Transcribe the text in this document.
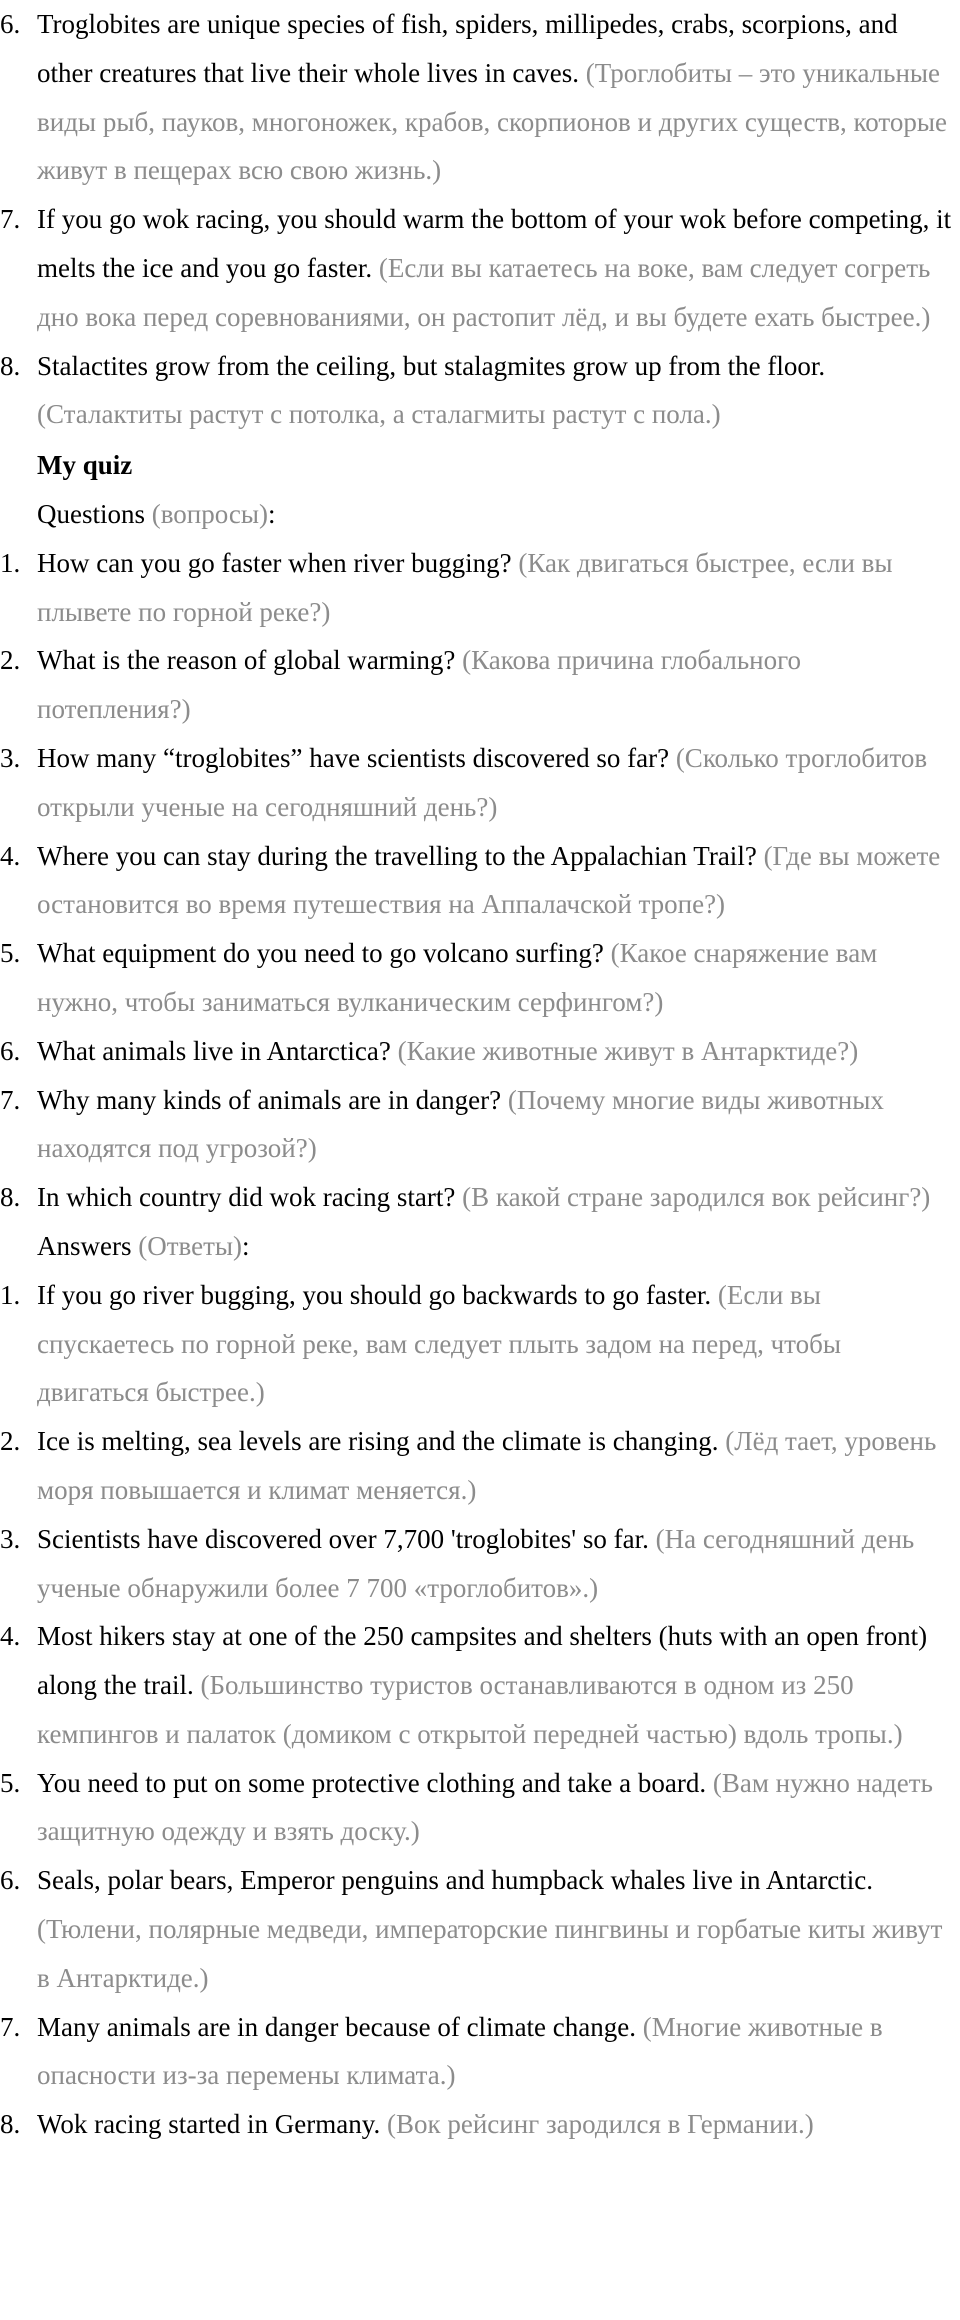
6. Troglobites are unique species of fish, spiders, millipedes, crabs, scorpions, and other creatures that live their whole lives in caves. (Троглобиты – это уникальные виды рыб, пауков, многоножек, крабов, скорпионов и других существ, которые живут в пещерах всю свою жизнь.)
7. If you go wok racing, you should warm the bottom of your wok before competing, it melts the ice and you go faster. (Если вы катаетесь на воке, вам следует согреть дно вока перед соревнованиями, он растопит лёд, и вы будете ехать быстрее.)
8. Stalactites grow from the ceiling, but stalagmites grow up from the floor.
(Сталактиты растут с потолка, а сталагмиты растут с пола.)
My quiz
Questions (вопросы):
1. How can you go faster when river bugging? (Как двигаться быстрее, если вы плывете по горной реке?)
2. What is the reason of global warming? (Какова причина глобального потепления?)
3. How many “troglobites” have scientists discovered so far? (Сколько троглобитов открыли ученые на сегодняшний день?)
4. Where you can stay during the travelling to the Appalachian Trail? (Где вы можете остановится во время путешествия на Аппалачской тропе?)
5. What equipment do you need to go volcano surfing? (Какое снаряжение вам нужно, чтобы заниматься вулканическим серфингом?)
6. What animals live in Antarctica? (Какие животные живут в Антарктиде?)
7. Why many kinds of animals are in danger? (Почему многие виды животных находятся под угрозой?)
8. In which country did wok racing start? (В какой стране зародился вок рейсинг?)
Answers (Ответы):
1. If you go river bugging, you should go backwards to go faster. (Если вы спускаетесь по горной реке, вам следует плыть задом на перед, чтобы двигаться быстрее.)
2. Ice is melting, sea levels are rising and the climate is changing. (Лёд тает, уровень моря повышается и климат меняется.)
3. Scientists have discovered over 7,700 'troglobites' so far. (На сегодняшний день ученые обнаружили более 7 700 «троглобитов».)
4. Most hikers stay at one of the 250 campsites and shelters (huts with an open front) along the trail. (Большинство туристов останавливаются в одном из 250 кемпингов и палаток (домиком с открытой передней частью) вдоль тропы.)
5. You need to put on some protective clothing and take a board. (Вам нужно надеть защитную одежду и взять доску.)
6. Seals, polar bears, Emperor penguins and humpback whales live in Antarctic.
(Тюлени, полярные медведи, императорские пингвины и горбатые киты живут в Антарктиде.)
7. Many animals are in danger because of climate change. (Многие животные в опасности из-за перемены климата.)
8. Wok racing started in Germany. (Вок рейсинг зародился в Германии.)
